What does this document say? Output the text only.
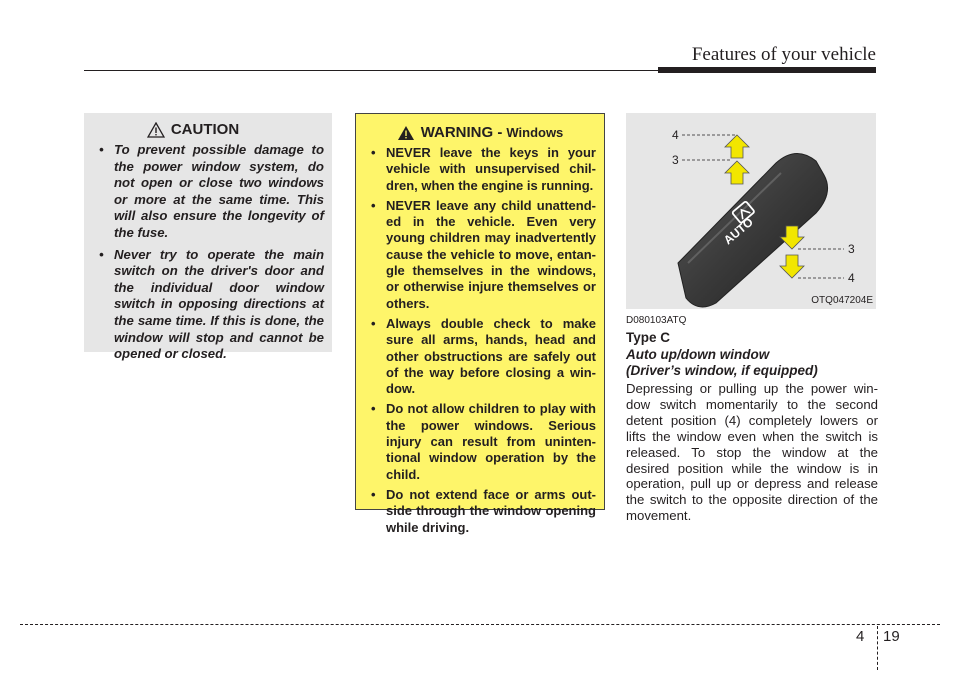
Features of your vehicle
CAUTION
• To prevent possible damage to the power window system, do not open or close two windows or more at the same time. This will also ensure the longevity of the fuse.
• Never try to operate the main switch on the driver's door and the individual door window switch in opposing directions at the same time. If this is done, the window will stop and cannot be opened or closed.
WARNING - Windows
• NEVER leave the keys in your vehicle with unsupervised chil- dren, when the engine is running.
• NEVER leave any child unattend- ed in the vehicle. Even very young children may inadvertently cause the vehicle to move, entan- gle themselves in the windows, or otherwise injure themselves or others.
• Always double check to make sure all arms, hands, head and other obstructions are safely out of the way before closing a win- dow.
• Do not allow children to play with the power windows. Serious injury can result from uninten- tional window operation by the child.
• Do not extend face or arms out- side through the window opening while driving.
AUTO
4
3
3
4
OTQ047204E
D080103ATQ
Type C
Auto up/down window
(Driver’s window, if equipped)
Depressing or pulling up the power win- dow switch momentarily to the second detent position (4) completely lowers or lifts the window even when the switch is released. To stop the window at the desired position while the window is in operation, pull up or depress and release the switch to the opposite direction of the movement.
4 19
